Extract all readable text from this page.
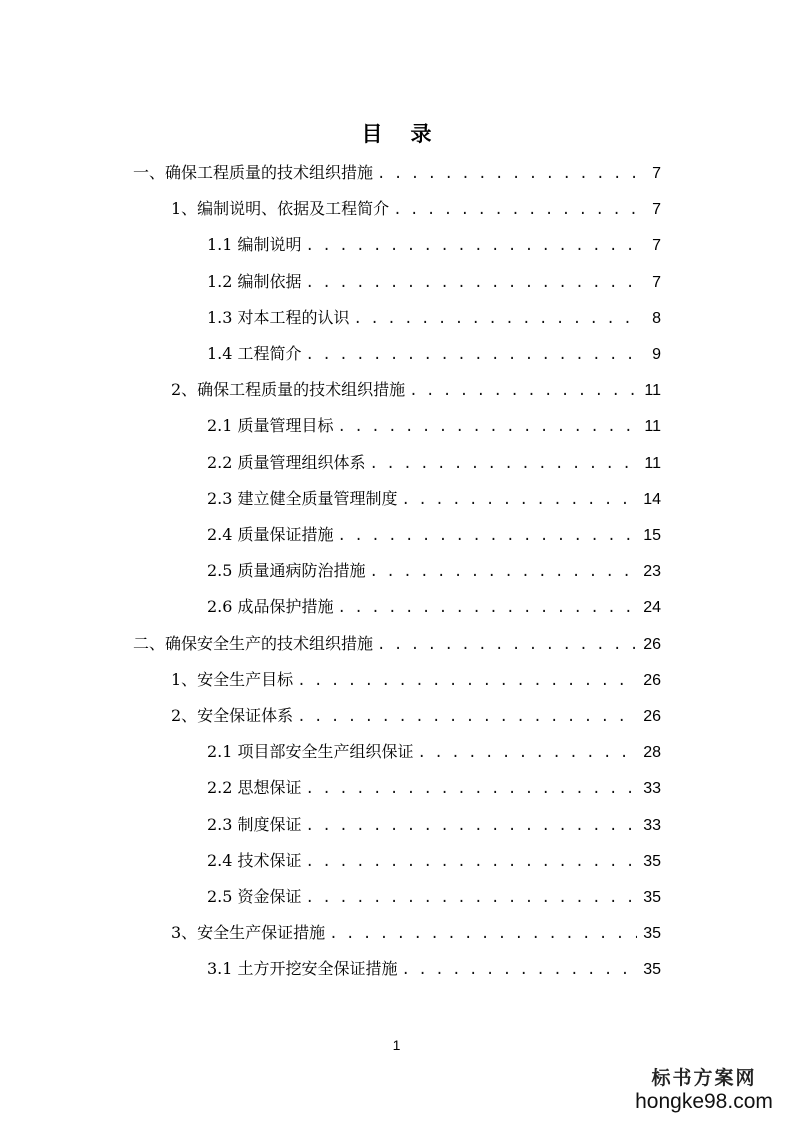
目 录
一、确保工程质量的技术组织措施 . . .	7
1、编制说明、依据及工程简介 . . .	7
1.1 编制说明 . . .	7
1.2 编制依据 . . .	7
1.3 对本工程的认识 . . .	8
1.4 工程简介 . . .	9
2、确保工程质量的技术组织措施 . . .	11
2.1 质量管理目标 . . .	11
2.2 质量管理组织体系 . . .	11
2.3 建立健全质量管理制度 . . .	14
2.4 质量保证措施 . . .	15
2.5 质量通病防治措施 . . .	23
2.6 成品保护措施 . . .	24
二、确保安全生产的技术组织措施 . . .	26
1、安全生产目标 . . .	26
2、安全保证体系 . . .	26
2.1 项目部安全生产组织保证 . . .	28
2.2 思想保证 . . .	33
2.3 制度保证 . . .	33
2.4 技术保证 . . .	35
2.5 资金保证 . . .	35
3、安全生产保证措施 . . .	35
3.1 土方开挖安全保证措施 . . .	35
1
标书方案网
hongke98.com
